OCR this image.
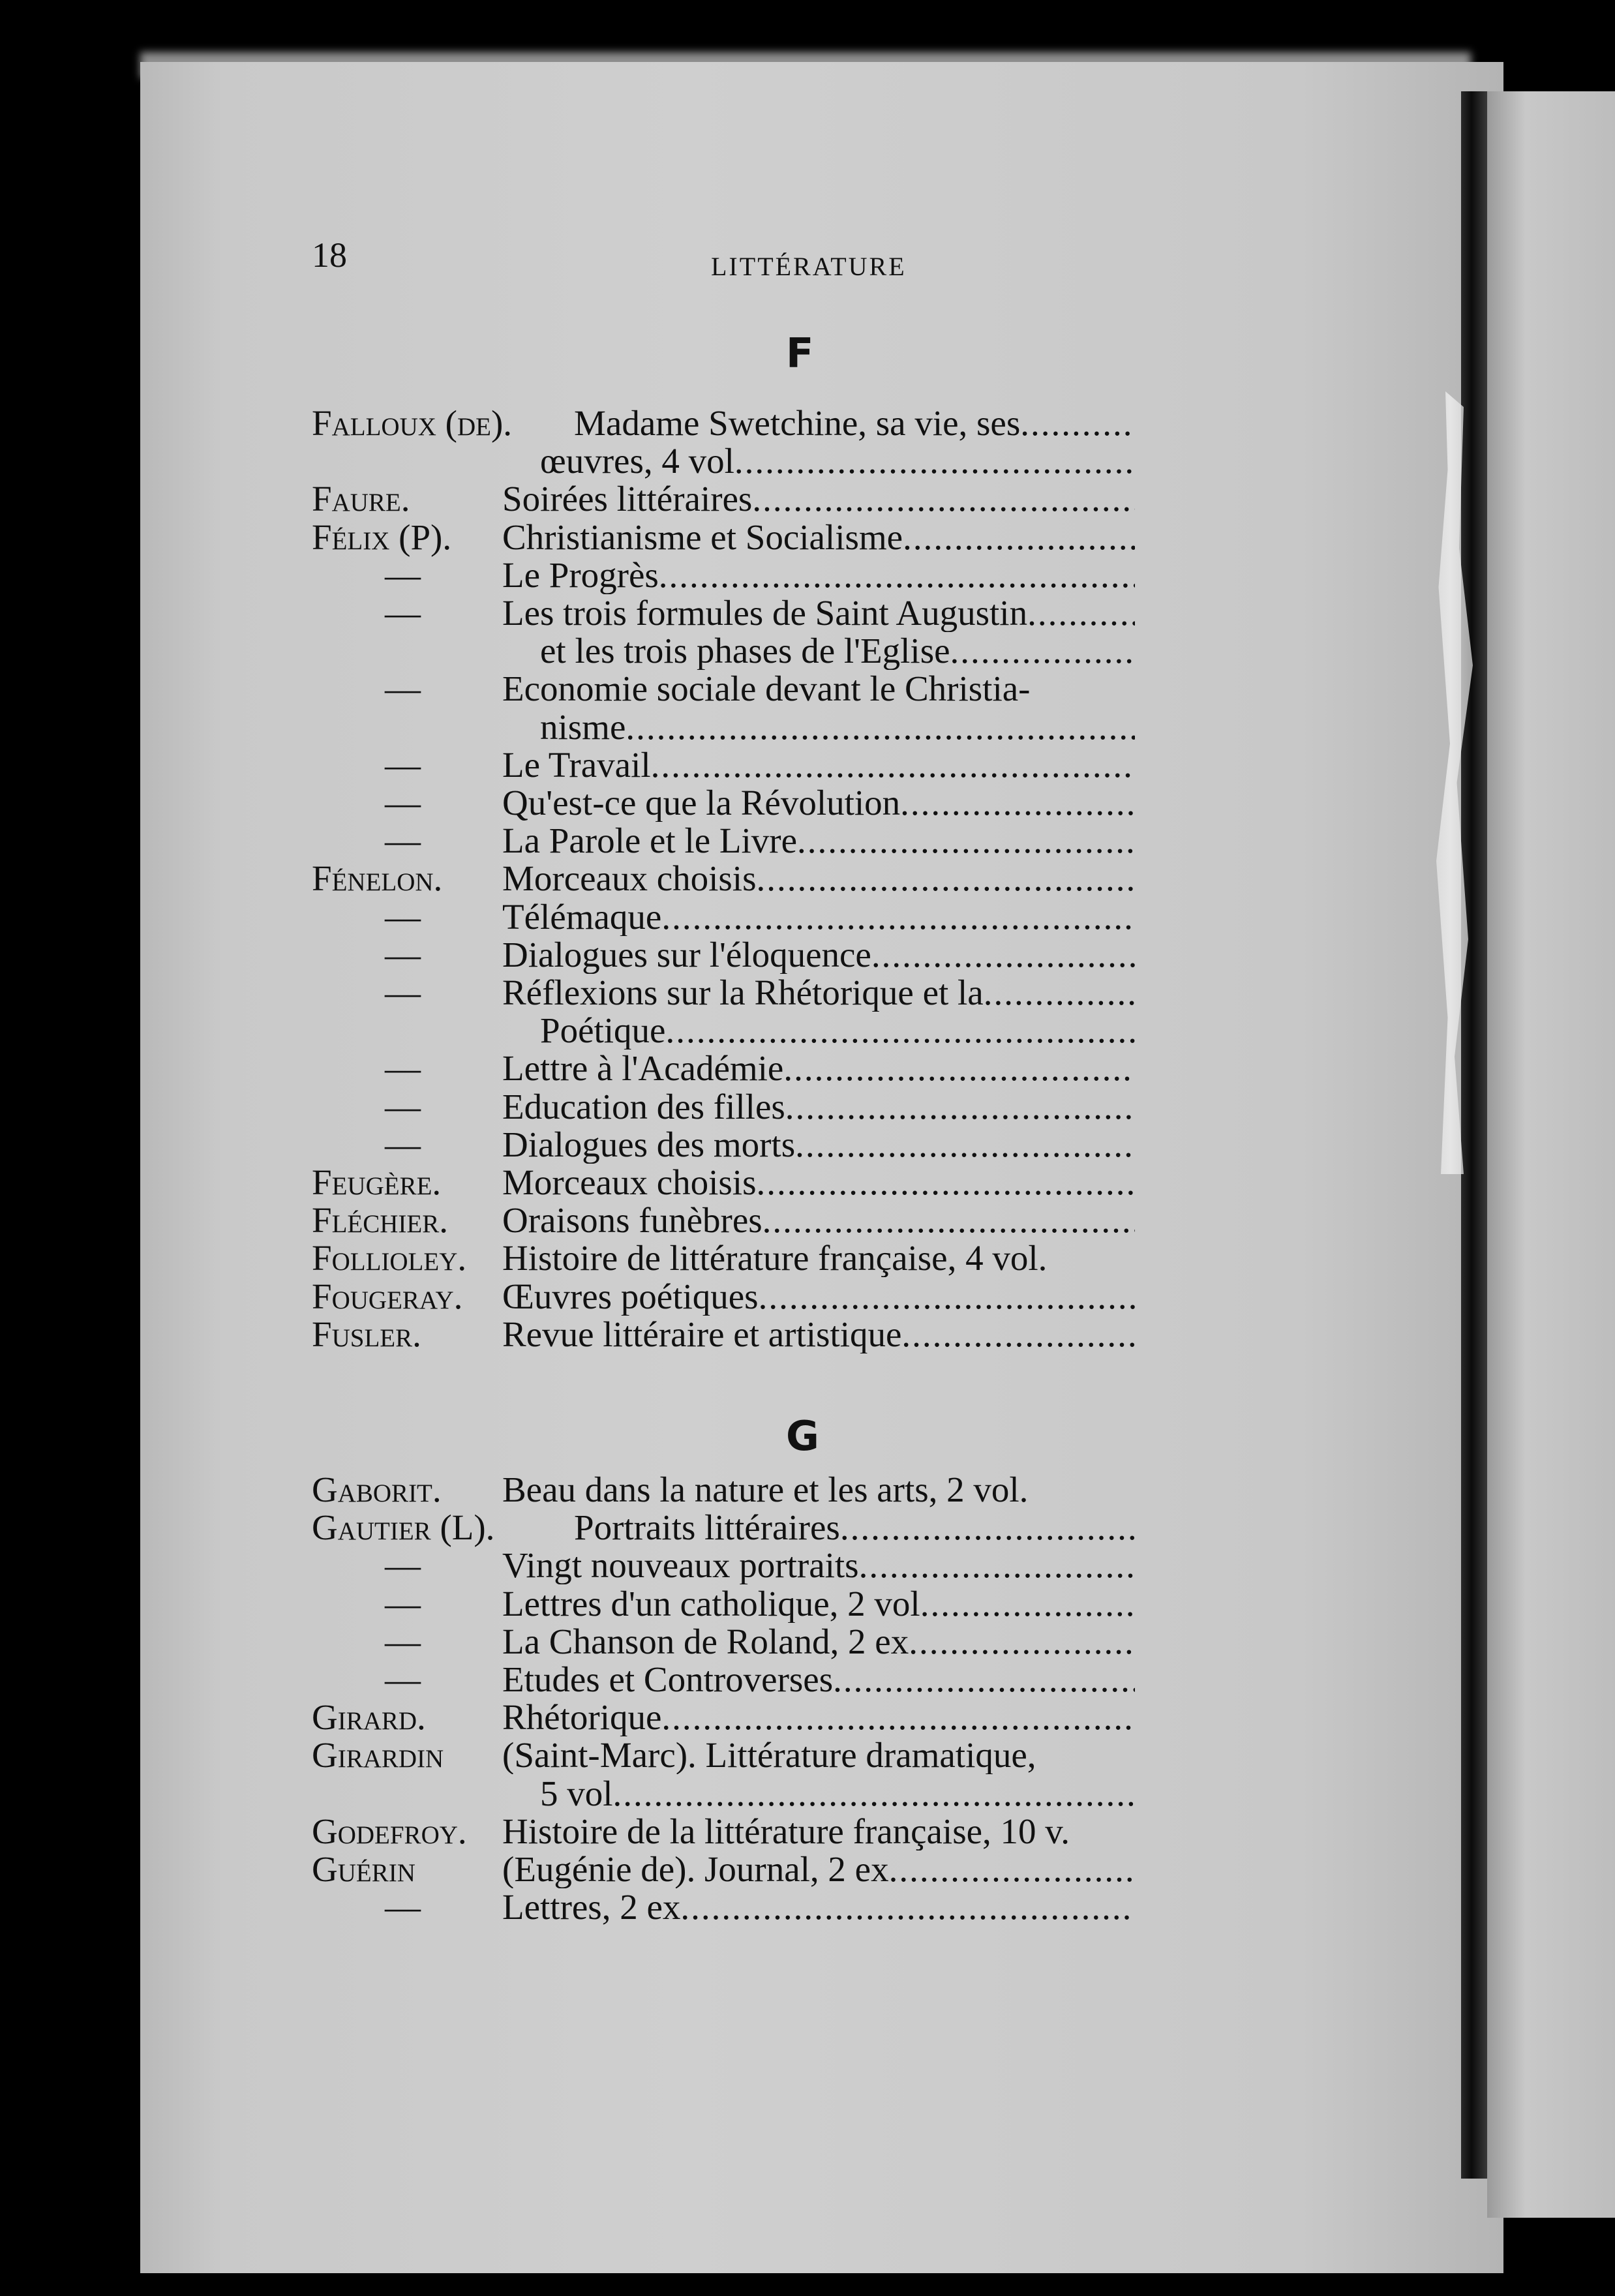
18	LITTÉRATURE
F
Falloux (de). Madame Swetchine, sa vie, ses
.....
œuvres, 4 vol
.....
Faure.	Soirées littéraires
.....
Félix (P). Christianisme et Socialisme
.....
— Le Progrès
.....
— Les trois formules de Saint Augustin
.....
et les trois phases de l'Eglise
.....
— Economie sociale devant le Christia-
nisme
.....
— Le Travail
.....
— Qu'est-ce que la Révolution
.....
— La Parole et le Livre
.....
Fénelon. Morceaux choisis
.....
— Télémaque
.....
— Dialogues sur l'éloquence
.....
— Réflexions sur la Rhétorique et la
.....
Poétique
.....
— Lettre à l'Académie
.....
— Education des filles
.....
— Dialogues des morts
.....
Feugère. Morceaux choisis
.....
Fléchier. Oraisons funèbres
.....
Follioley. Histoire de littérature française, 4 vol.
Fougeray. Œuvres poétiques
.....
Fusler. Revue littéraire et artistique
.....
G
Gaborit. Beau dans la nature et les arts, 2 vol.
Gautier (L). Portraits littéraires
.....
— Vingt nouveaux portraits
.....
— Lettres d'un catholique, 2 vol
.....
— La Chanson de Roland, 2 ex
.....
— Etudes et Controverses
.....
Girard. Rhétorique
.....
Girardin (Saint-Marc). Littérature dramatique,
5 vol
.....
Godefroy. Histoire de la littérature française, 10 v.
Guérin (Eugénie de). Journal, 2 ex
.....
— Lettres, 2 ex
.....
